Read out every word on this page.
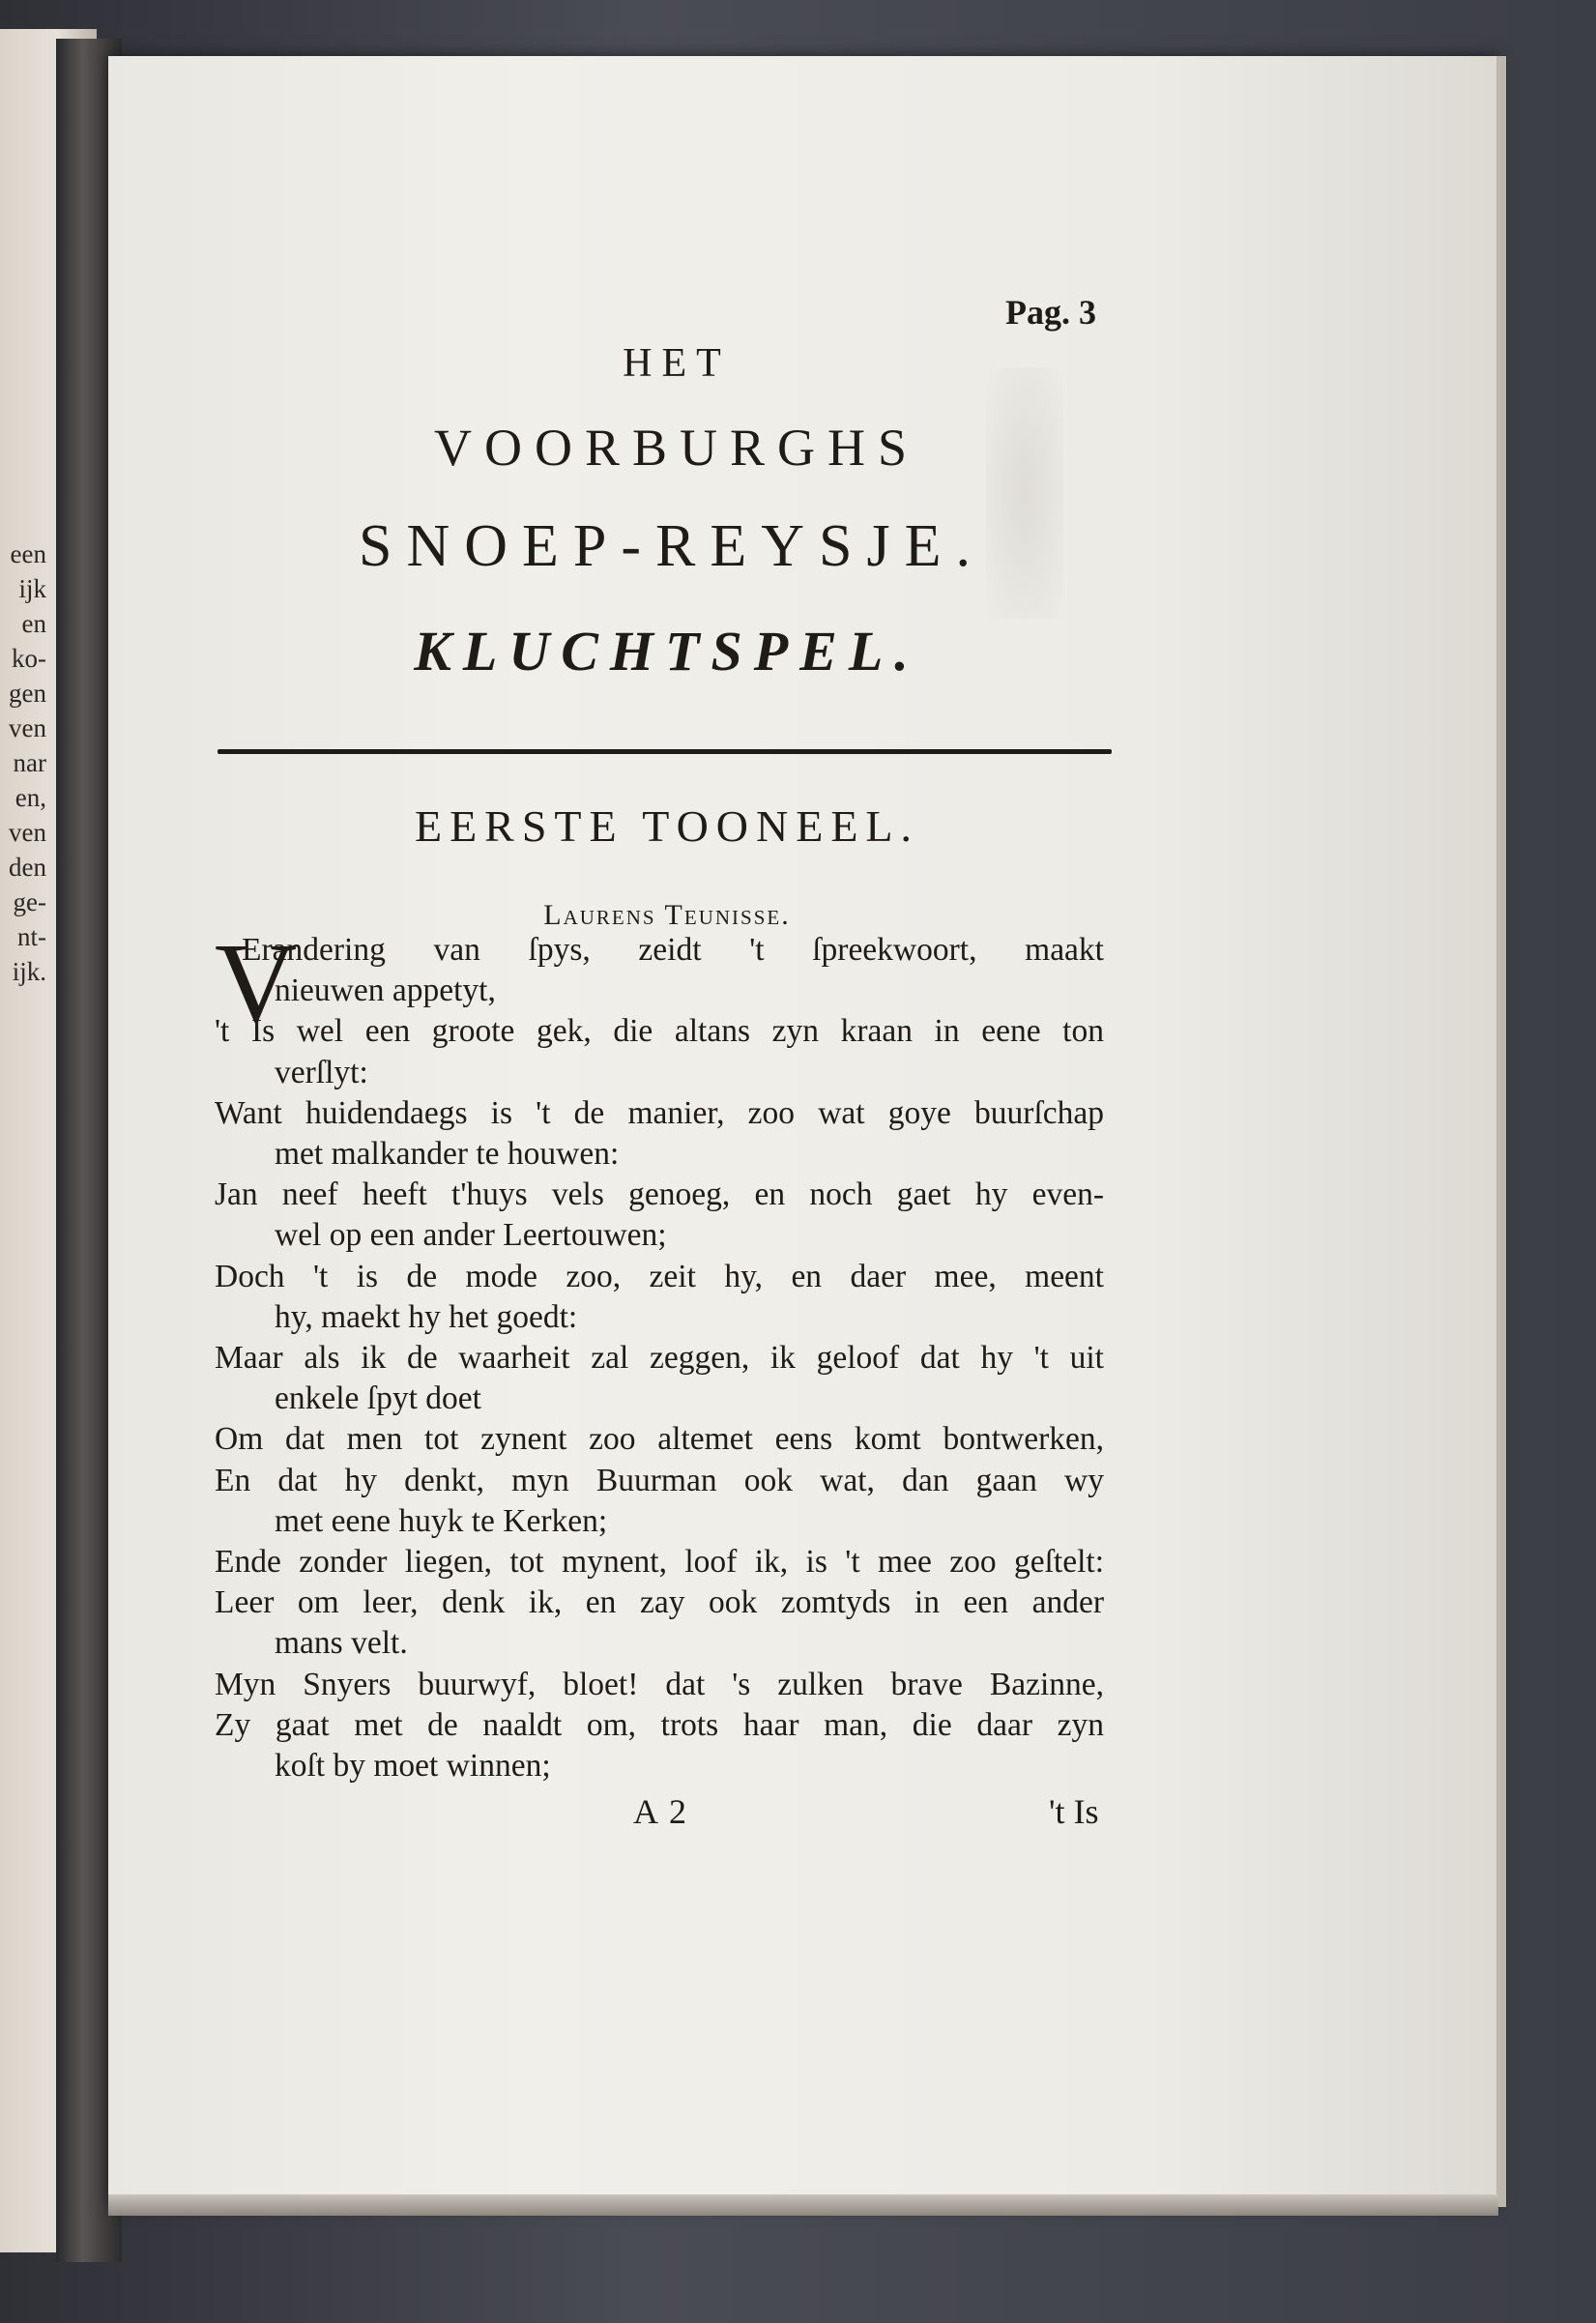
een
ijk
en
ko-
gen
ven
nar
en,
ven
den
ge-
nt-
ijk.
Pag. 3
HET
VOORBURGHS
SNOEP-REYSJE.
KLUCHTSPEL.
EERSTE TOONEEL.
Laurens Teunisse.
V
Erandering van ſpys, zeidt 't ſpreekwoort, maakt
nieuwen appetyt,
't Is wel een groote gek, die altans zyn kraan in eene ton
verſlyt:
Want huidendaegs is 't de manier, zoo wat goye buurſchap
met malkander te houwen:
Jan neef heeft t'huys vels genoeg, en noch gaet hy even-
wel op een ander Leertouwen;
Doch 't is de mode zoo, zeit hy, en daer mee, meent
hy, maekt hy het goedt:
Maar als ik de waarheit zal zeggen, ik geloof dat hy 't uit
enkele ſpyt doet
Om dat men tot zynent zoo altemet eens komt bontwerken,
En dat hy denkt, myn Buurman ook wat, dan gaan wy
met eene huyk te Kerken;
Ende zonder liegen, tot mynent, loof ik, is 't mee zoo geſtelt:
Leer om leer, denk ik, en zay ook zomtyds in een ander
mans velt.
Myn Snyers buurwyf, bloet! dat 's zulken brave Bazinne,
Zy gaat met de naaldt om, trots haar man, die daar zyn
koſt by moet winnen;
A 2	't Is
